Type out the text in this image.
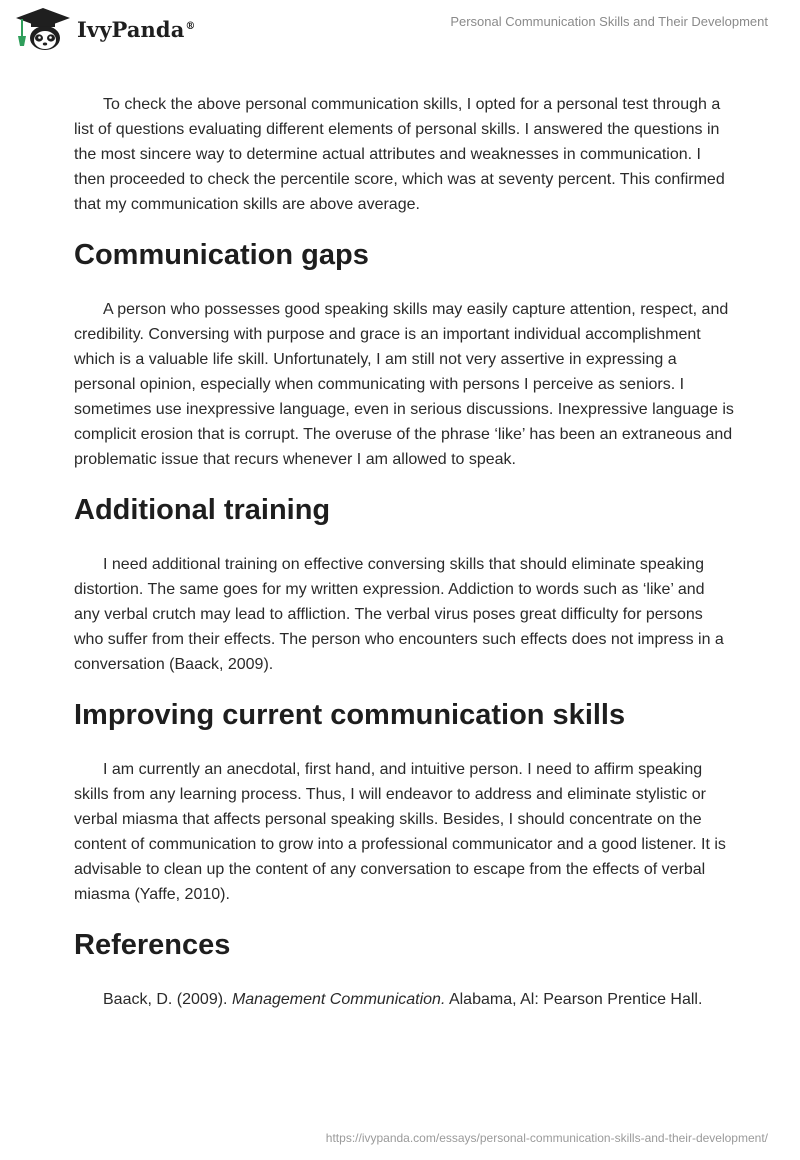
IvyPanda®	Personal Communication Skills and Their Development

To check the above personal communication skills, I opted for a personal test through a list of questions evaluating different elements of personal skills. I answered the questions in the most sincere way to determine actual attributes and weaknesses in communication. I then proceeded to check the percentile score, which was at seventy percent. This confirmed that my communication skills are above average.

Communication gaps

A person who possesses good speaking skills may easily capture attention, respect, and credibility. Conversing with purpose and grace is an important individual accomplishment which is a valuable life skill. Unfortunately, I am still not very assertive in expressing a personal opinion, especially when communicating with persons I perceive as seniors. I sometimes use inexpressive language, even in serious discussions. Inexpressive language is complicit erosion that is corrupt. The overuse of the phrase ‘like’ has been an extraneous and problematic issue that recurs whenever I am allowed to speak.

Additional training

I need additional training on effective conversing skills that should eliminate speaking distortion. The same goes for my written expression. Addiction to words such as ‘like’ and any verbal crutch may lead to affliction. The verbal virus poses great difficulty for persons who suffer from their effects. The person who encounters such effects does not impress in a conversation (Baack, 2009).

Improving current communication skills

I am currently an anecdotal, first hand, and intuitive person. I need to affirm speaking skills from any learning process. Thus, I will endeavor to address and eliminate stylistic or verbal miasma that affects personal speaking skills. Besides, I should concentrate on the content of communication to grow into a professional communicator and a good listener. It is advisable to clean up the content of any conversation to escape from the effects of verbal miasma (Yaffe, 2010).

References

Baack, D. (2009). Management Communication. Alabama, Al: Pearson Prentice Hall.

https://ivypanda.com/essays/personal-communication-skills-and-their-development/
